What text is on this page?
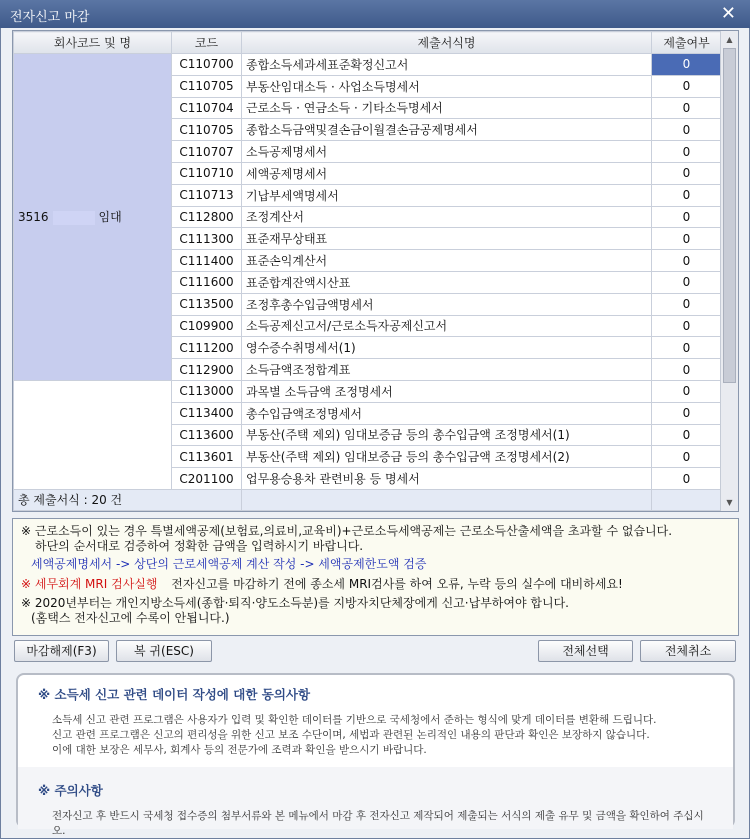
전자신고 마감	✕
회사코드 및 명	코드	제출서식명	제출여부
3516 임대	C110700	종합소득세과세표준확정신고서	0
	C110705	부동산임대소득 · 사업소득명세서	0
	C110704	근로소득 · 연금소득 · 기타소득명세서	0
	C110705	종합소득금액및결손금이월결손금공제명세서	0
	C110707	소득공제명세서	0
	C110710	세액공제명세서	0
	C110713	기납부세액명세서	0
	C112800	조정계산서	0
	C111300	표준재무상태표	0
	C111400	표준손익계산서	0
	C111600	표준합계잔액시산표	0
	C113500	조정후총수입금액명세서	0
	C109900	소득공제신고서/근로소득자공제신고서	0
	C111200	영수증수취명세서(1)	0
	C112900	소득금액조정합계표	0
	C113000	과목별 소득금액 조정명세서	0
	C113400	총수입금액조정명세서	0
	C113600	부동산(주택 제외) 임대보증금 등의 총수입금액 조정명세서(1)	0
	C113601	부동산(주택 제외) 임대보증금 등의 총수입금액 조정명세서(2)	0
	C201100	업무용승용차 관련비용 등 명세서	0
총 제출서식 : 20 건			
▲
▼
※ 근로소득이 있는 경우 특별세액공제(보험료,의료비,교육비)+근로소득세액공제는 근로소득산출세액을 초과할 수 없습니다.
하단의 순서대로 검증하여 정확한 금액을 입력하시기 바랍니다.
세액공제명세서 -> 상단의 근로세액공제 계산 작성 -> 세액공제한도액 검증
※ 세무회계 MRI 검사실행 전자신고를 마감하기 전에 종소세 MRI검사를 하여 오류, 누락 등의 실수에 대비하세요!
※ 2020년부터는 개인지방소득세(종합·퇴직·양도소득분)를 지방자치단체장에게 신고·납부하여야 합니다.
(홈택스 전자신고에 수록이 안됩니다.)
마감해제(F3)	복 귀(ESC)	전체선택	전체취소
※ 소득세 신고 관련 데이터 작성에 대한 동의사항
소득세 신고 관련 프로그램은 사용자가 입력 및 확인한 데이터를 기반으로 국세청에서 준하는 형식에 맞게 데이터를 변환해 드립니다.
신고 관련 프로그램은 신고의 편리성을 위한 신고 보조 수단이며, 세법과 관련된 논리적인 내용의 판단과 확인은 보장하지 않습니다.
이에 대한 보장은 세무사, 회계사 등의 전문가에 조력과 확인을 받으시기 바랍니다.
※ 주의사항
전자신고 후 반드시 국세청 접수증의 첨부서류와 본 메뉴에서 마감 후 전자신고 제작되어 제출되는 서식의 제출 유무 및 금액을 확인하여 주십시오.
